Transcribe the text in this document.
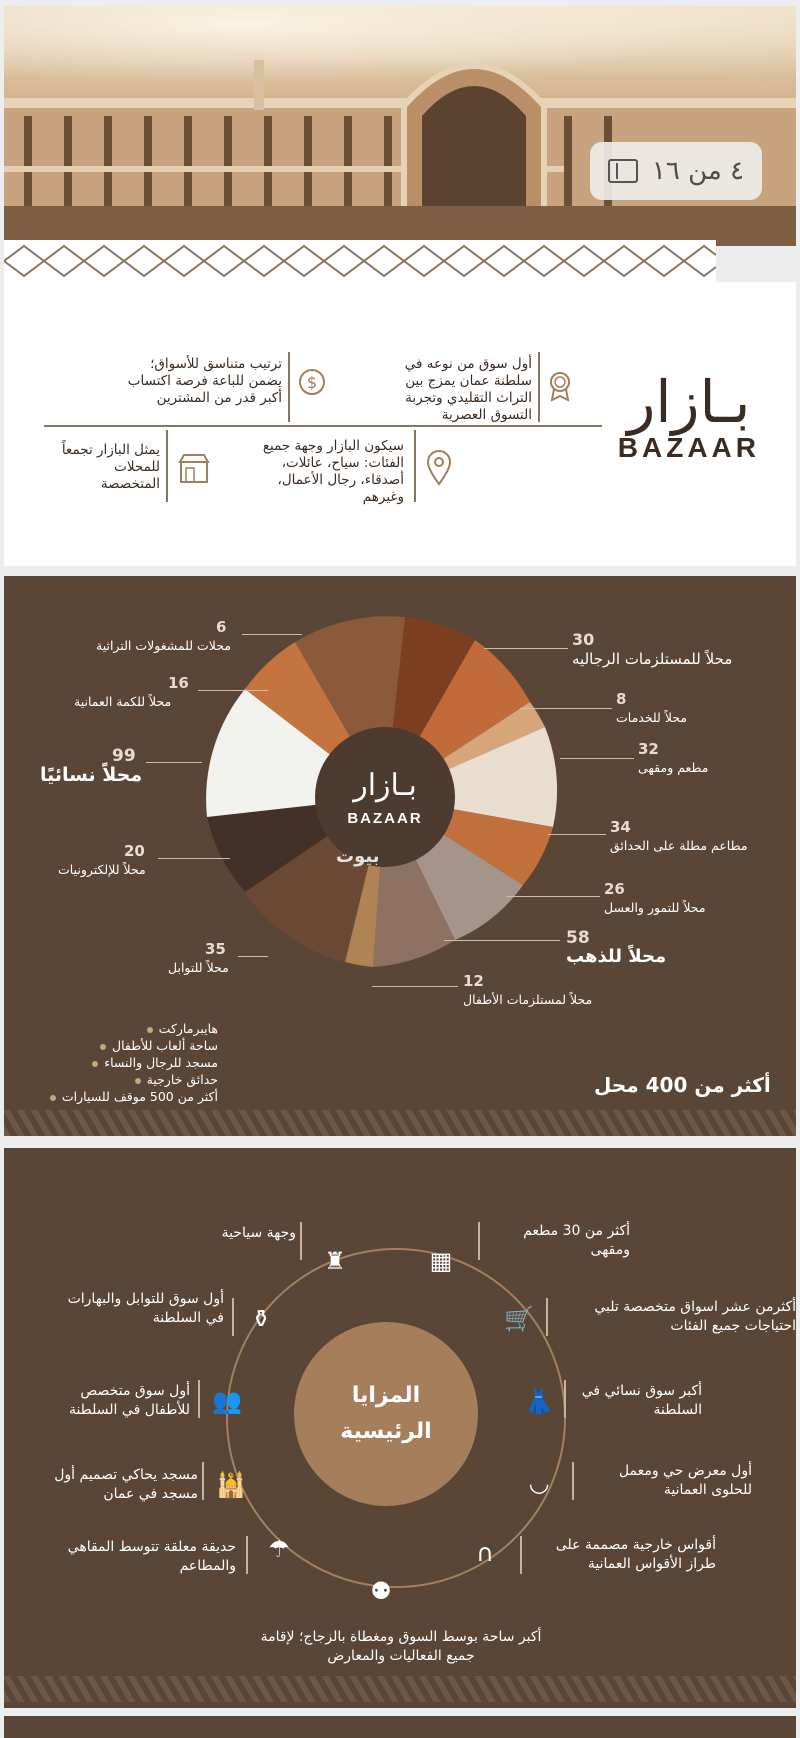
٤ من ١٦
بـازار
BAZAAR
أول سوق من نوعه في سلطنة عمان يمزج بين التراث التقليدي وتجربة التسوق العصرية
$
ترتيب متناسق للأسواق؛ يضمن للباعة فرصة اكتساب أكبر قدر من المشترين
سيكون البازار وجهة جميع الفئات: سياح، عائلات، أصدقاء، رجال الأعمال، وغيرهم
يمثل البازار تجمعاً للمحلات المتخصصة
بـازار
BAZAAR
بيوت
6
محلات للمشغولات التراثية
16
محلاً للكمة العمانية
99
محلاً نسائيًا
20
محلاً للإلكترونيات
35
محلاً للتوابل
30
محلاً للمستلزمات الرجاليه
8
محلاً للخدمات
32
مطعم ومقهى
34
مطاعم مطلة على الحدائق
26
محلاً للتمور والعسل
58
محلاً للذهب
12
محلاً لمستلزمات الأطفال
هايبرماركت
ساحة ألعاب للأطفال
مسجد للرجال والنساء
حدائق خارجية
أكثر من 500 موقف للسيارات	أكثر من 400 محل
المزايا
الرئيسية
▦
أكثر من 30 مطعم ومقهى
♜
وجهة سياحية
🛒	أكثرمن عشر اسواق متخصصة تلبي احتياجات جميع الفئات
⚱
أول سوق للتوابل والبهارات في السلطنة
👗	أكبر سوق نسائي في السلطنة
👥
أول سوق متخصص للأطفال في السلطنة
◡	أول معرض حي ومعمل للحلوى العمانية
🕌
مسجد يحاكي تصميم أول مسجد في عمان
∩	أقواس خارجية مصممة على طراز الأقواس العمانية
☂
حديقة معلقة تتوسط المقاهي والمطاعم
⚉
أكبر ساحة بوسط السوق ومغطاة بالزجاج؛ لإقامة جميع الفعاليات والمعارض
